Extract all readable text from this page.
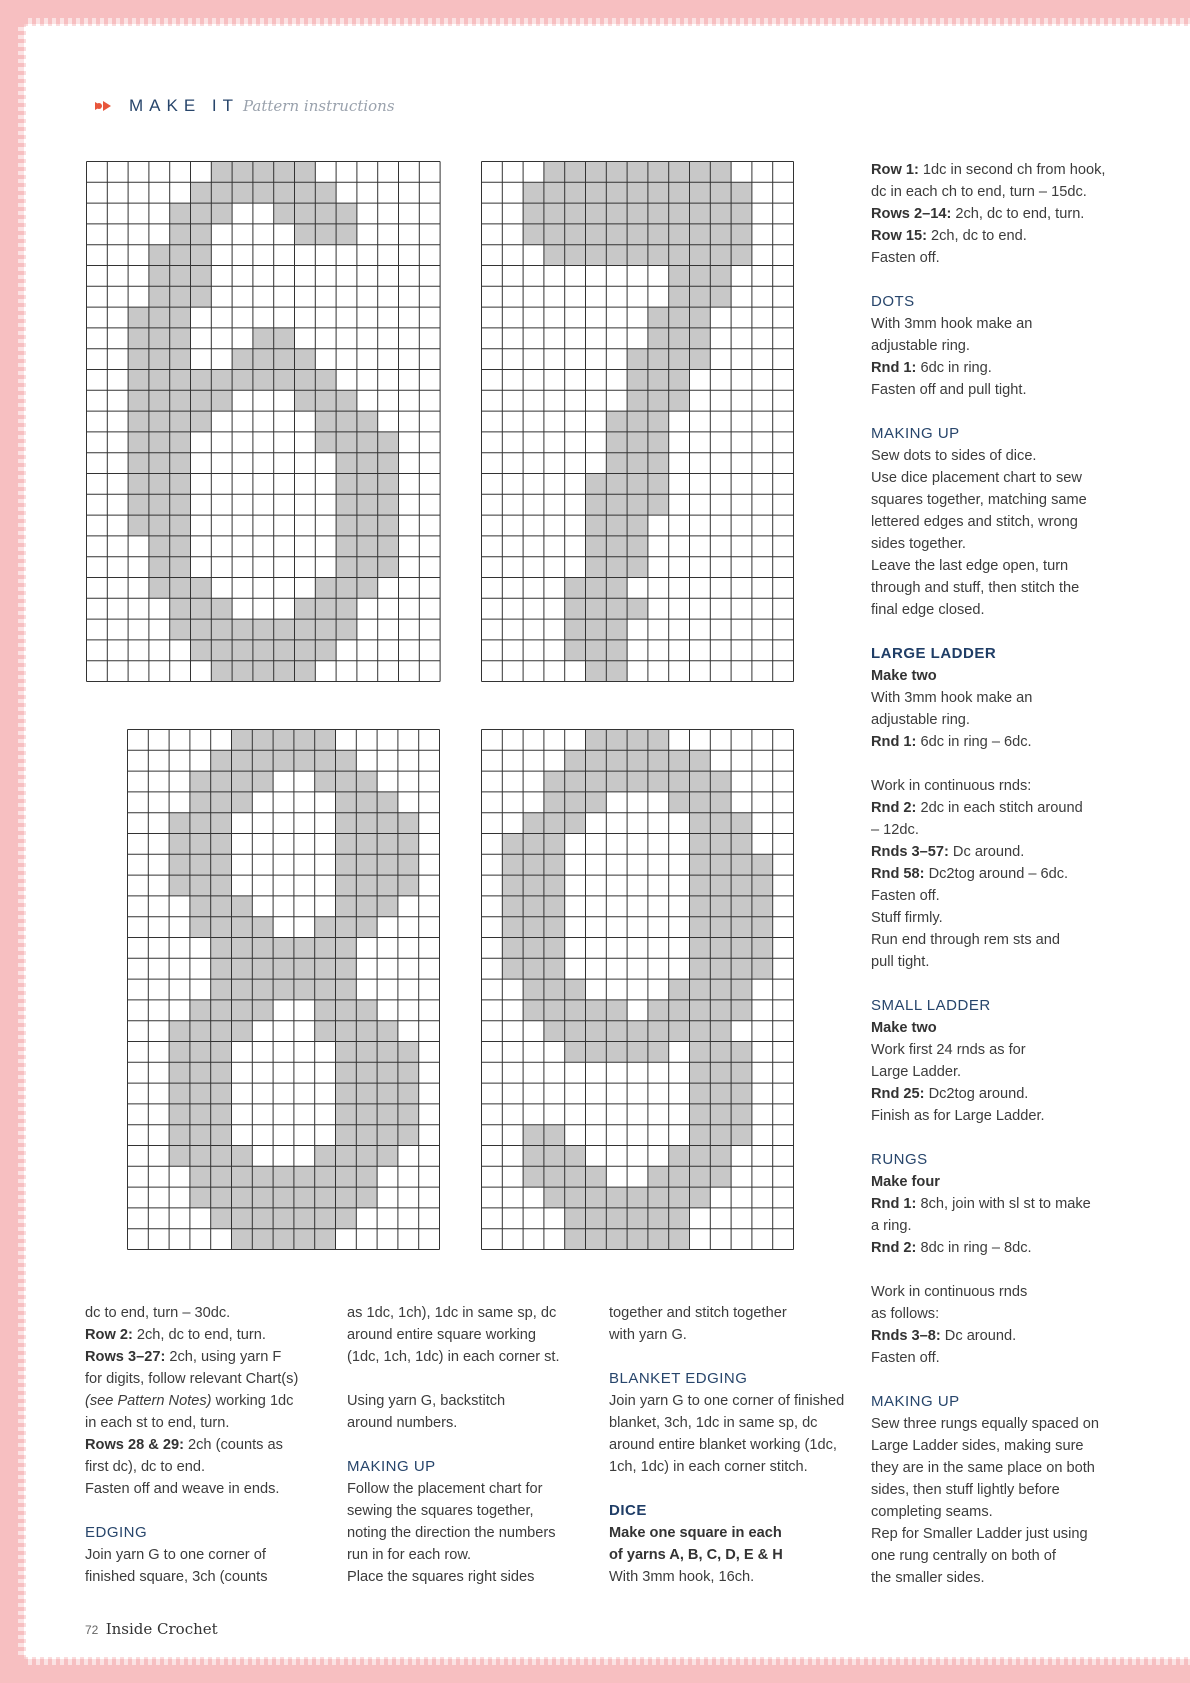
MAKE IT Pattern instructions

dc to end, turn – 30dc.

Row 2: 2ch, dc to end, turn.

Rows 3–27: 2ch, using yarn F

for digits, follow relevant Chart(s)

(see Pattern Notes) working 1dc

in each st to end, turn.

Rows 28 & 29: 2ch (counts as

first dc), dc to end.

Fasten off and weave in ends.

EDGING

Join yarn G to one corner of

finished square, 3ch (counts

as 1dc, 1ch), 1dc in same sp, dc

around entire square working

(1dc, 1ch, 1dc) in each corner st.

Using yarn G, backstitch

around numbers.

MAKING UP

Follow the placement chart for

sewing the squares together,

noting the direction the numbers

run in for each row.

Place the squares right sides

together and stitch together

with yarn G.

BLANKET EDGING

Join yarn G to one corner of finished

blanket, 3ch, 1dc in same sp, dc

around entire blanket working (1dc,

1ch, 1dc) in each corner stitch.

DICE

Make one square in each

of yarns A, B, C, D, E & H

With 3mm hook, 16ch.

Row 1: 1dc in second ch from hook,

dc in each ch to end, turn – 15dc.

Rows 2–14: 2ch, dc to end, turn.

Row 15: 2ch, dc to end.

Fasten off.

DOTS

With 3mm hook make an

adjustable ring.

Rnd 1: 6dc in ring.

Fasten off and pull tight.

MAKING UP

Sew dots to sides of dice.

Use dice placement chart to sew

squares together, matching same

lettered edges and stitch, wrong

sides together.

Leave the last edge open, turn

through and stuff, then stitch the

final edge closed.

LARGE LADDER

Make two

With 3mm hook make an

adjustable ring.

Rnd 1: 6dc in ring – 6dc.

Work in continuous rnds:

Rnd 2: 2dc in each stitch around

– 12dc.

Rnds 3–57: Dc around.

Rnd 58: Dc2tog around – 6dc.

Fasten off.

Stuff firmly.

Run end through rem sts and

pull tight.

SMALL LADDER

Make two

Work first 24 rnds as for

Large Ladder.

Rnd 25: Dc2tog around.

Finish as for Large Ladder.

RUNGS

Make four

Rnd 1: 8ch, join with sl st to make

a ring.

Rnd 2: 8dc in ring – 8dc.

Work in continuous rnds

as follows:

Rnds 3–8: Dc around.

Fasten off.

MAKING UP

Sew three rungs equally spaced on

Large Ladder sides, making sure

they are in the same place on both

sides, then stuff lightly before

completing seams.

Rep for Smaller Ladder just using

one rung centrally on both of

the smaller sides.

72 Inside Crochet
